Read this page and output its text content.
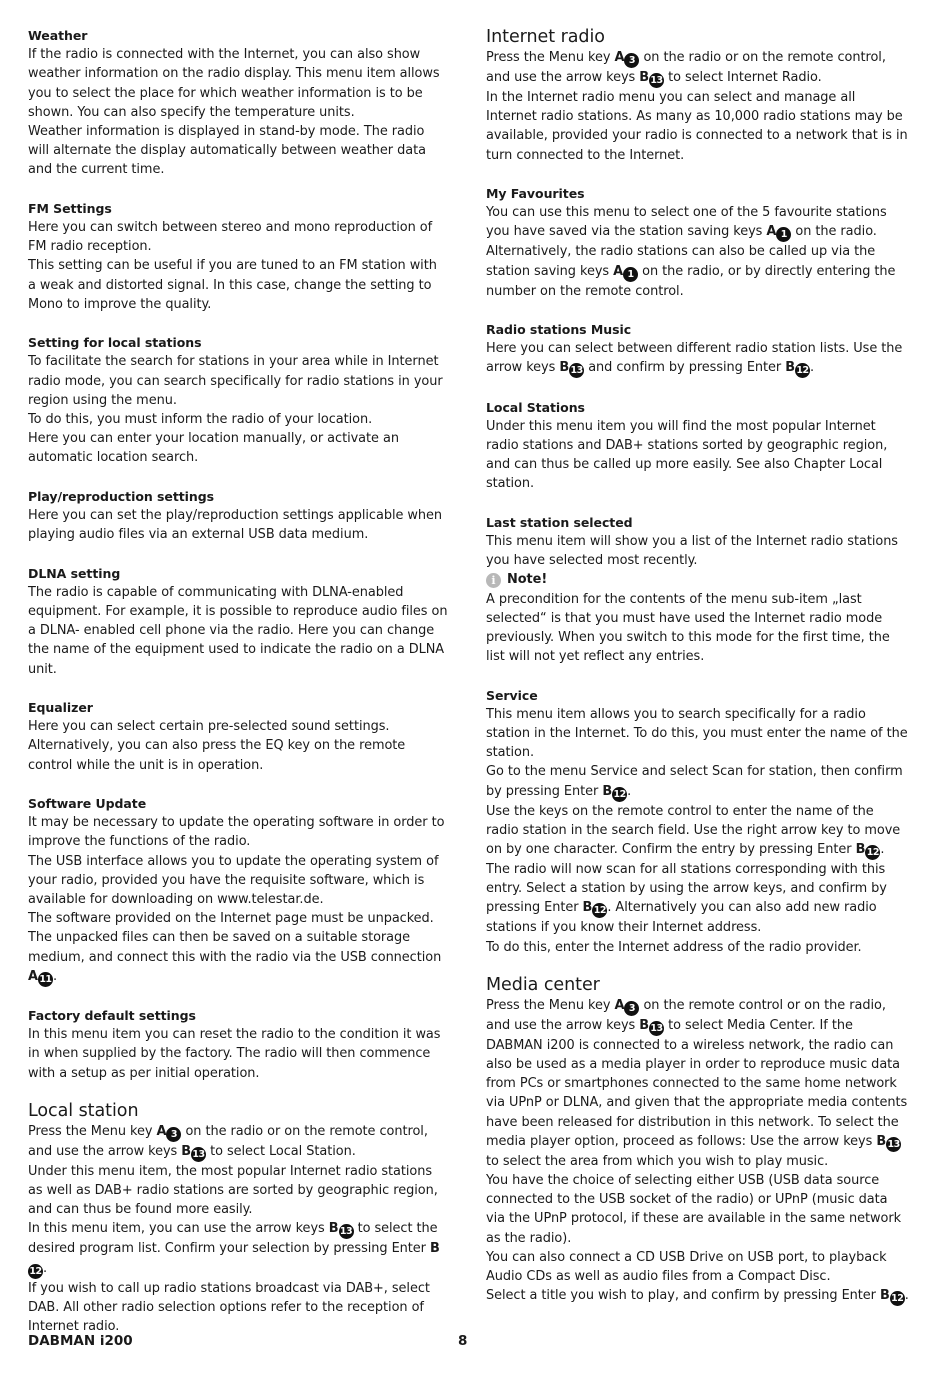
Weather

If the radio is connected with the Internet, you can also show weather information on the radio display. This menu item allows you to select the place for which weather information is to be shown. You can also specify the temperature units.

Weather information is displayed in stand-by mode. The radio will alternate the display automatically between weather data and the current time.

FM Settings

Here you can switch between stereo and mono reproduction of FM radio reception.

This setting can be useful if you are tuned to an FM station with a weak and distorted signal. In this case, change the setting to Mono to improve the quality.

Setting for local stations

To facilitate the search for stations in your area while in Internet radio mode, you can search specifically for radio stations in your region using the menu.

To do this, you must inform the radio of your location.

Here you can enter your location manually, or activate an automatic location search.

Play/reproduction settings

Here you can set the play/reproduction settings applicable when playing audio files via an external USB data medium.

DLNA setting

The radio is capable of communicating with DLNA-enabled equipment. For example, it is possible to reproduce audio files on a DLNA- enabled cell phone via the radio. Here you can change the name of the equipment used to indicate the radio on a DLNA unit.

Equalizer

Here you can select certain pre-selected sound settings. Alternatively, you can also press the EQ key on the remote control while the unit is in operation.

Software Update

It may be necessary to update the operating software in order to improve the functions of the radio.

The USB interface allows you to update the operating system of your radio, provided you have the requisite software, which is available for downloading on www.telestar.de.

The software provided on the Internet page must be unpacked. The unpacked files can then be saved on a suitable storage medium, and connect this with the radio via the USB connection A11.

Factory default settings

In this menu item you can reset the radio to the condition it was in when supplied by the factory. The radio will then commence with a setup as per initial operation.

Local station

Press the Menu key A 3 on the radio or on the remote control, and use the arrow keys B13 to select Local Station.

Under this menu item, the most popular Internet radio stations as well as DAB+ radio stations are sorted by geographic region, and can thus be found more easily.

In this menu item, you can use the arrow keys B13 to select the desired program list. Confirm your selection by pressing Enter B12.

If you wish to call up radio stations broadcast via DAB+, select DAB. All other radio selection options refer to the reception of Internet radio.

Internet radio

Press the Menu key A 3 on the radio or on the remote control, and use the arrow keys B13 to select Internet Radio.

In the Internet radio menu you can select and manage all Internet radio stations. As many as 10,000 radio stations may be available, provided your radio is connected to a network that is in turn connected to the Internet.

My Favourites

You can use this menu to select one of the 5 favourite stations you have saved via the station saving keys A 1 on the radio.

Alternatively, the radio stations can also be called up via the station saving keys A 1 on the radio, or by directly entering the number on the remote control.

Radio stations Music

Here you can select between different radio station lists. Use the arrow keys B13 and confirm by pressing Enter B12.

Local Stations

Under this menu item you will find the most popular Internet radio stations and DAB+ stations sorted by geographic region, and can thus be called up more easily. See also Chapter Local station.

Last station selected

This menu item will show you a list of the Internet radio stations you have selected most recently.

i Note!

A precondition for the contents of the menu sub-item „last selected“ is that you must have used the Internet radio mode previously. When you switch to this mode for the first time, the list will not yet reflect any entries.

Service

This menu item allows you to search specifically for a radio station in the Internet. To do this, you must enter the name of the station.

Go to the menu Service and select Scan for station, then confirm by pressing Enter B12.

Use the keys on the remote control to enter the name of the radio station in the search field. Use the right arrow key to move on by one character. Confirm the entry by pressing Enter B12.

The radio will now scan for all stations corresponding with this entry. Select a station by using the arrow keys, and confirm by pressing Enter B12. Alternatively you can also add new radio stations if you know their Internet address.

To do this, enter the Internet address of the radio provider.

Media center

Press the Menu key A 3 on the remote control or on the radio, and use the arrow keys B13 to select Media Center. If the DABMAN i200 is connected to a wireless network, the radio can also be used as a media player in order to reproduce music data from PCs or smartphones connected to the same home network via UPnP or DLNA, and given that the appropriate media contents have been released for distribution in this network. To select the media player option, proceed as follows: Use the arrow keys B13 to select the area from which you wish to play music.

You have the choice of selecting either USB (USB data source connected to the USB socket of the radio) or UPnP (music data via the UPnP protocol, if these are available in the same network as the radio).

You can also connect a CD USB Drive on USB port, to playback Audio CDs as well as audio files from a Compact Disc.

Select a title you wish to play, and confirm by pressing Enter B12.

DABMAN i200	8
